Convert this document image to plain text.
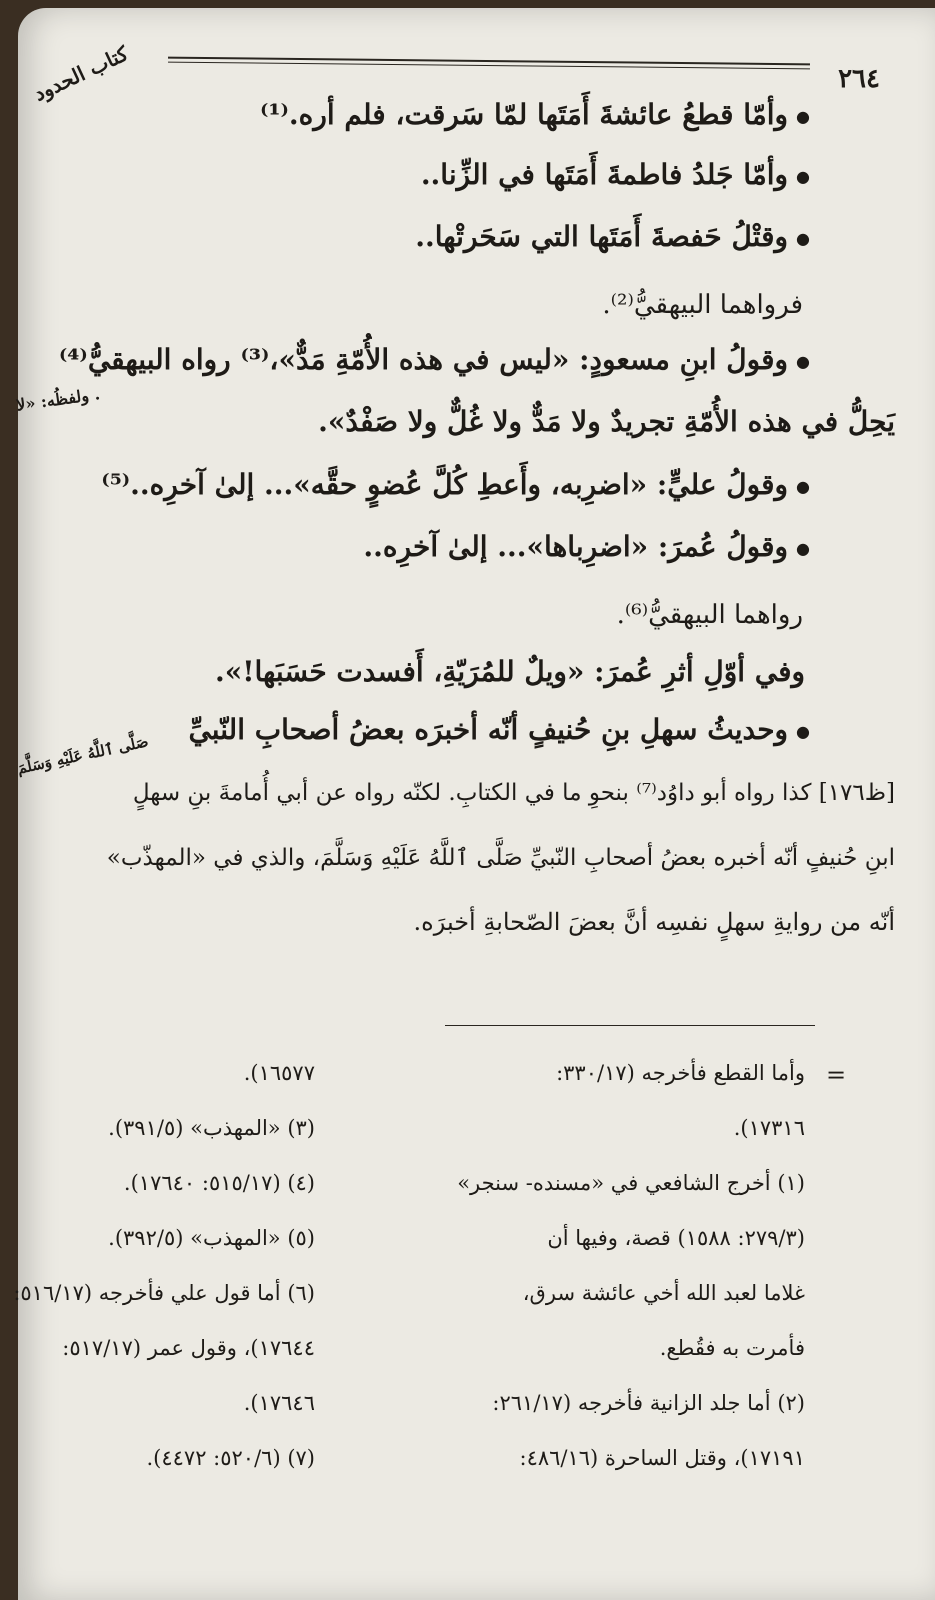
٢٦٤
كتاب الحدود
● وأمّا قطعُ عائشةَ أَمَتَها لمّا سَرقت، فلم أره.⁽¹⁾
● وأمّا جَلدُ فاطمةَ أَمَتَها في الزِّنا..
● وقتْلُ حَفصةَ أَمَتَها التي سَحَرتْها..
فرواهما البيهقيُّ⁽²⁾.
● وقولُ ابنِ مسعودٍ: «ليس في هذه الأُمّةِ مَدٌّ»،⁽³⁾ رواه البيهقيُّ⁽⁴⁾
يَحِلُّ في هذه الأُمّةِ تجريدٌ ولا مَدٌّ ولا غُلٌّ ولا صَفْدٌ».
● وقولُ عليٍّ: «اضرِبه، وأَعطِ كُلَّ عُضوٍ حقَّه»... إلىٰ آخرِه..⁽⁵⁾
● وقولُ عُمرَ: «اضرِباها»... إلىٰ آخرِه..
رواهما البيهقيُّ⁽⁶⁾.
وفي أوّلِ أثرِ عُمرَ: «ويلٌ للمُرَيّةِ، أَفسدت حَسَبَها!».
● وحديثُ سهلِ بنِ حُنيفٍ أنّه أخبرَه بعضُ أصحابِ النّبيِّ
[ظ١٧٦] كذا رواه أبو داوُد⁽⁷⁾ بنحوِ ما في الكتابِ. لكنّه رواه عن أبي أُمامةَ بنِ سهلٍ
ابنِ حُنيفٍ أنّه أخبره بعضُ أصحابِ النّبيِّ صَلَّى ٱللَّهُ عَلَيْهِ وَسَلَّمَ، والذي في «المهذّب»
أنّه من روايةِ سهلٍ نفسِه أنَّ بعضَ الصّحابةِ أخبرَه.
. ولفظُه: «لا
صَلَّى ٱللَّهُ عَلَيْهِ وَسَلَّمَ
=
وأما القطع فأخرجه (٣٣٠/١٧:
١٧٣١٦).
(١) أخرج الشافعي في «مسنده- سنجر»
(٢٧٩/٣: ١٥٨٨) قصة، وفيها أن
غلاما لعبد الله أخي عائشة سرق،
فأمرت به فقُطع.
(٢) أما جلد الزانية فأخرجه (٢٦١/١٧:
١٧١٩١)، وقتل الساحرة (٤٨٦/١٦:
١٦٥٧٧).
(٣) «المهذب» (٣٩١/٥).
(٤) (٥١٥/١٧: ١٧٦٤٠).
(٥) «المهذب» (٣٩٢/٥).
(٦) أما قول علي فأخرجه (٥١٦/١٧:
١٧٦٤٤)، وقول عمر (٥١٧/١٧:
١٧٦٤٦).
(٧) (٥٢٠/٦: ٤٤٧٢).
